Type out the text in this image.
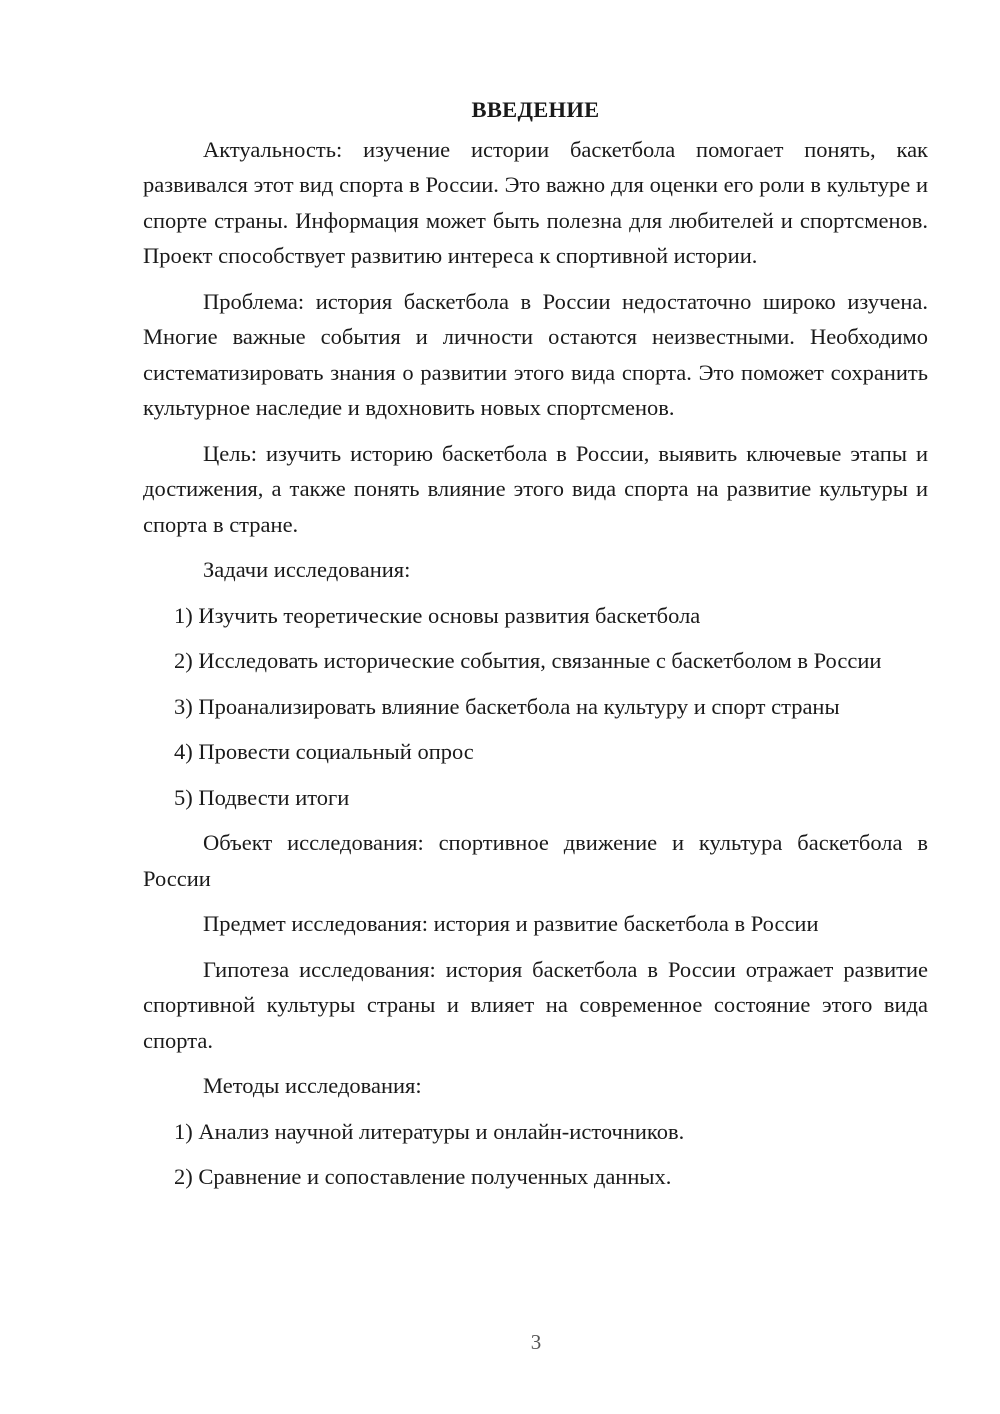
ВВЕДЕНИЕ

Актуальность: изучение истории баскетбола помогает понять, как развивался этот вид спорта в России. Это важно для оценки его роли в культуре и спорте страны. Информация может быть полезна для любителей и спортсменов. Проект способствует развитию интереса к спортивной истории.

Проблема: история баскетбола в России недостаточно широко изучена. Многие важные события и личности остаются неизвестными. Необходимо систематизировать знания о развитии этого вида спорта. Это поможет сохранить культурное наследие и вдохновить новых спортсменов.

Цель: изучить историю баскетбола в России, выявить ключевые этапы и достижения, а также понять влияние этого вида спорта на развитие культуры и спорта в стране.

Задачи исследования:

1) Изучить теоретические основы развития баскетбола

2) Исследовать исторические события, связанные с баскетболом в России

3) Проанализировать влияние баскетбола на культуру и спорт страны

4) Провести социальный опрос

5) Подвести итоги

Объект исследования: спортивное движение и культура баскетбола в России

Предмет исследования: история и развитие баскетбола в России

Гипотеза исследования: история баскетбола в России отражает развитие спортивной культуры страны и влияет на современное состояние этого вида спорта.

Методы исследования:

1) Анализ научной литературы и онлайн-источников.

2) Сравнение и сопоставление полученных данных.

3
